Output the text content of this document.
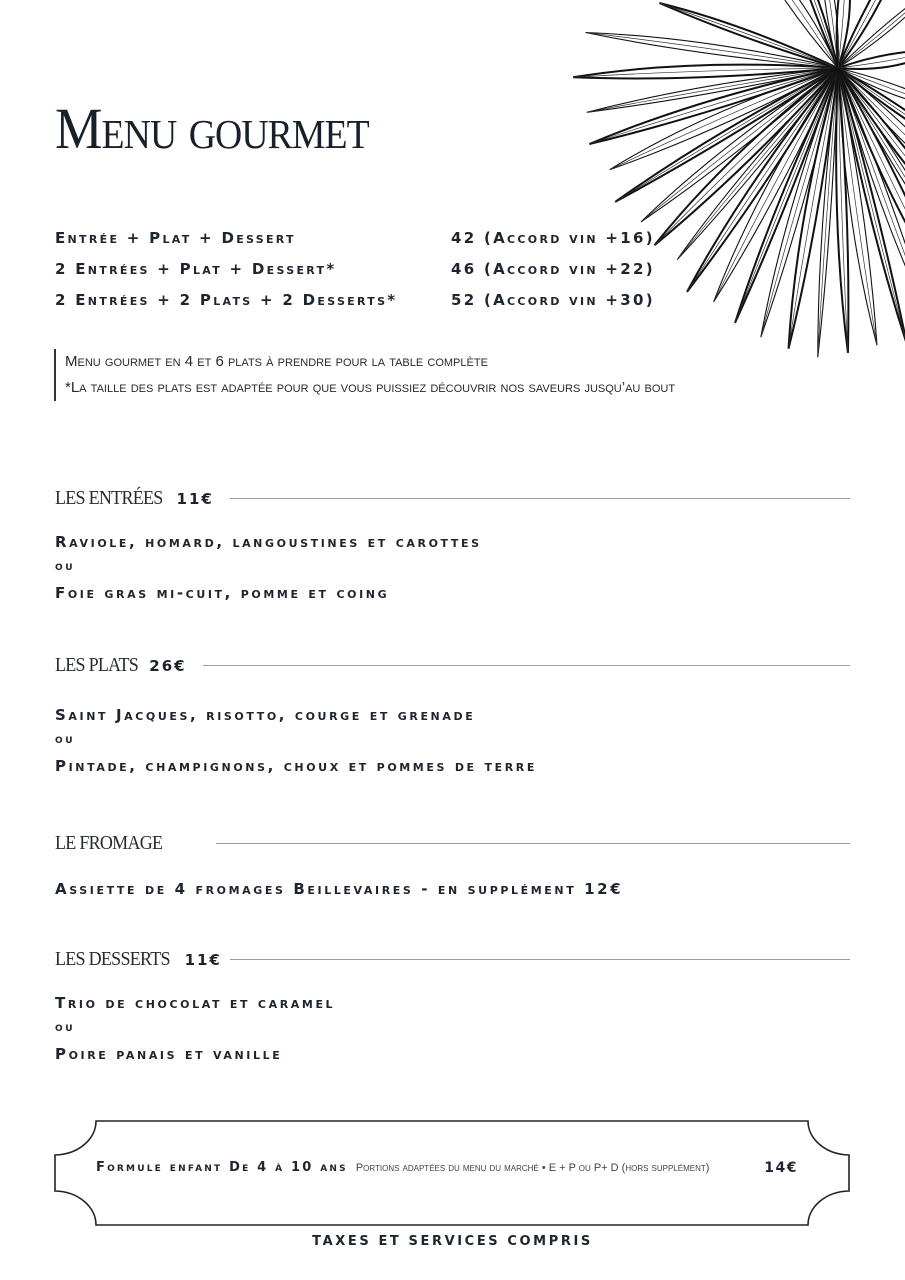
Menu gourmet
Entrée + Plat + Dessert	42 (Accord vin +16)
2 Entrées + Plat + Dessert*	46 (Accord vin +22)
2 Entrées + 2 Plats + 2 Desserts*	52 (Accord vin +30)
Menu gourmet en 4 et 6 plats à prendre pour la table complète
*La taille des plats est adaptée pour que vous puissiez découvrir nos saveurs jusqu’au bout
LES ENTRÉES 11€
Raviole, homard, langoustines et carottes
ou
Foie gras mi-cuit, pomme et coing
LES PLATS 26€
Saint Jacques, risotto, courge et grenade
ou
Pintade, champignons, choux et pommes de terre
LE FROMAGE
Assiette de 4 fromages Beillevaires - en supplément 12€
LES DESSERTS 11€
Trio de chocolat et caramel
ou
Poire panais et vanille
Formule enfant De 4 à 10 ans Portions adaptées du menu du marché • E + P ou P+ D (hors supplément)	14€
TAXES ET SERVICES COMPRIS
